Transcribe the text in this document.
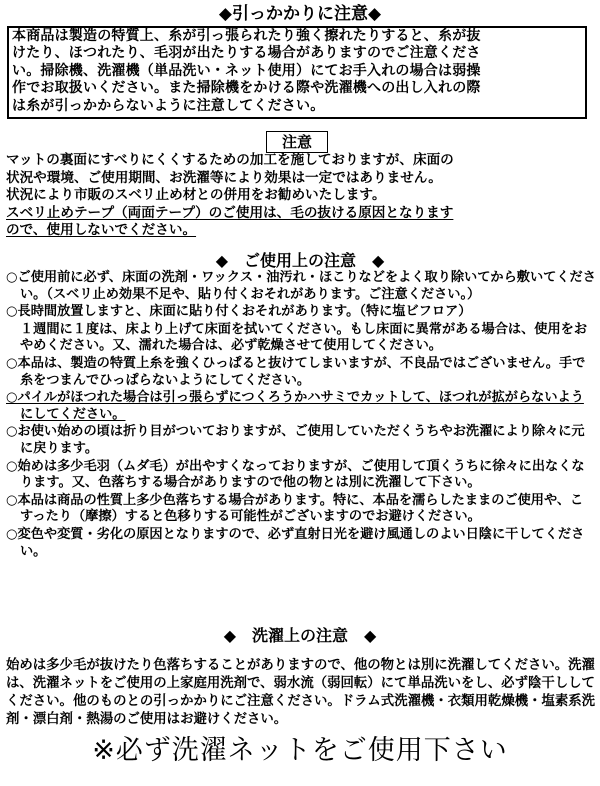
◆引っかかりに注意◆
本商品は製造の特質上、糸が引っ張られたり強く擦れたりすると、糸が抜
けたり、ほつれたり、毛羽が出たりする場合がありますのでご注意くださ
い。掃除機、洗濯機（単品洗い・ネット使用）にてお手入れの場合は弱操
作でお取扱いください。また掃除機をかける際や洗濯機への出し入れの際
は糸が引っかからないように注意してください。
注意
マットの裏面にすべりにくくするための加工を施しておりますが、床面の
状況や環境、ご使用期間、お洗濯等により効果は一定ではありません。
状況により市販のスベリ止め材との併用をお勧めいたします。
スベリ止めテープ（両面テープ）のご使用は、毛の抜ける原因となります
ので、使用しないでください。
◆　ご使用上の注意　◆

○ご使用前に必ず、床面の洗剤・ワックス・油汚れ・ほこりなどをよく取り除いてから敷いてください。（スベリ止め効果不足や、貼り付くおそれがあります。ご注意ください。）

○長時間放置しますと、床面に貼り付くおそれがあります。（特に塩ビフロア）

１週間に１度は、床より上げて床面を拭いてください。もし床面に異常がある場合は、使用をおやめください。又、濡れた場合は、必ず乾燥させて使用してください。

○本品は、製造の特質上糸を強くひっぱると抜けてしまいますが、不良品ではございません。手で糸をつまんでひっぱらないようにしてください。

○パイルがほつれた場合は引っ張らずにつくろうかハサミでカットして、ほつれが拡がらないようにしてください。

○お使い始めの頃は折り目がついておりますが、ご使用していただくうちやお洗濯により除々に元に戻ります。

○始めは多少毛羽（ムダ毛）が出やすくなっておりますが、ご使用して頂くうちに徐々に出なくなります。又、色落ちする場合がありますので他の物とは別に洗濯して下さい。

○本品は商品の性質上多少色落ちする場合があります。特に、本品を濡らしたままのご使用や、こすったり（摩擦）すると色移りする可能性がございますのでお避けください。

○変色や変質・劣化の原因となりますので、必ず直射日光を避け風通しのよい日陰に干してください。

◆　洗濯上の注意　◆
始めは多少毛が抜けたり色落ちすることがありますので、他の物とは別に洗濯してください。洗濯は、洗濯ネットをご使用の上家庭用洗剤で、弱水流（弱回転）にて単品洗いをし、必ず陰干ししてください。他のものとの引っかかりにご注意ください。ドラム式洗濯機・衣類用乾燥機・塩素系洗剤・漂白剤・熱湯のご使用はお避けください。
※必ず洗濯ネットをご使用下さい
